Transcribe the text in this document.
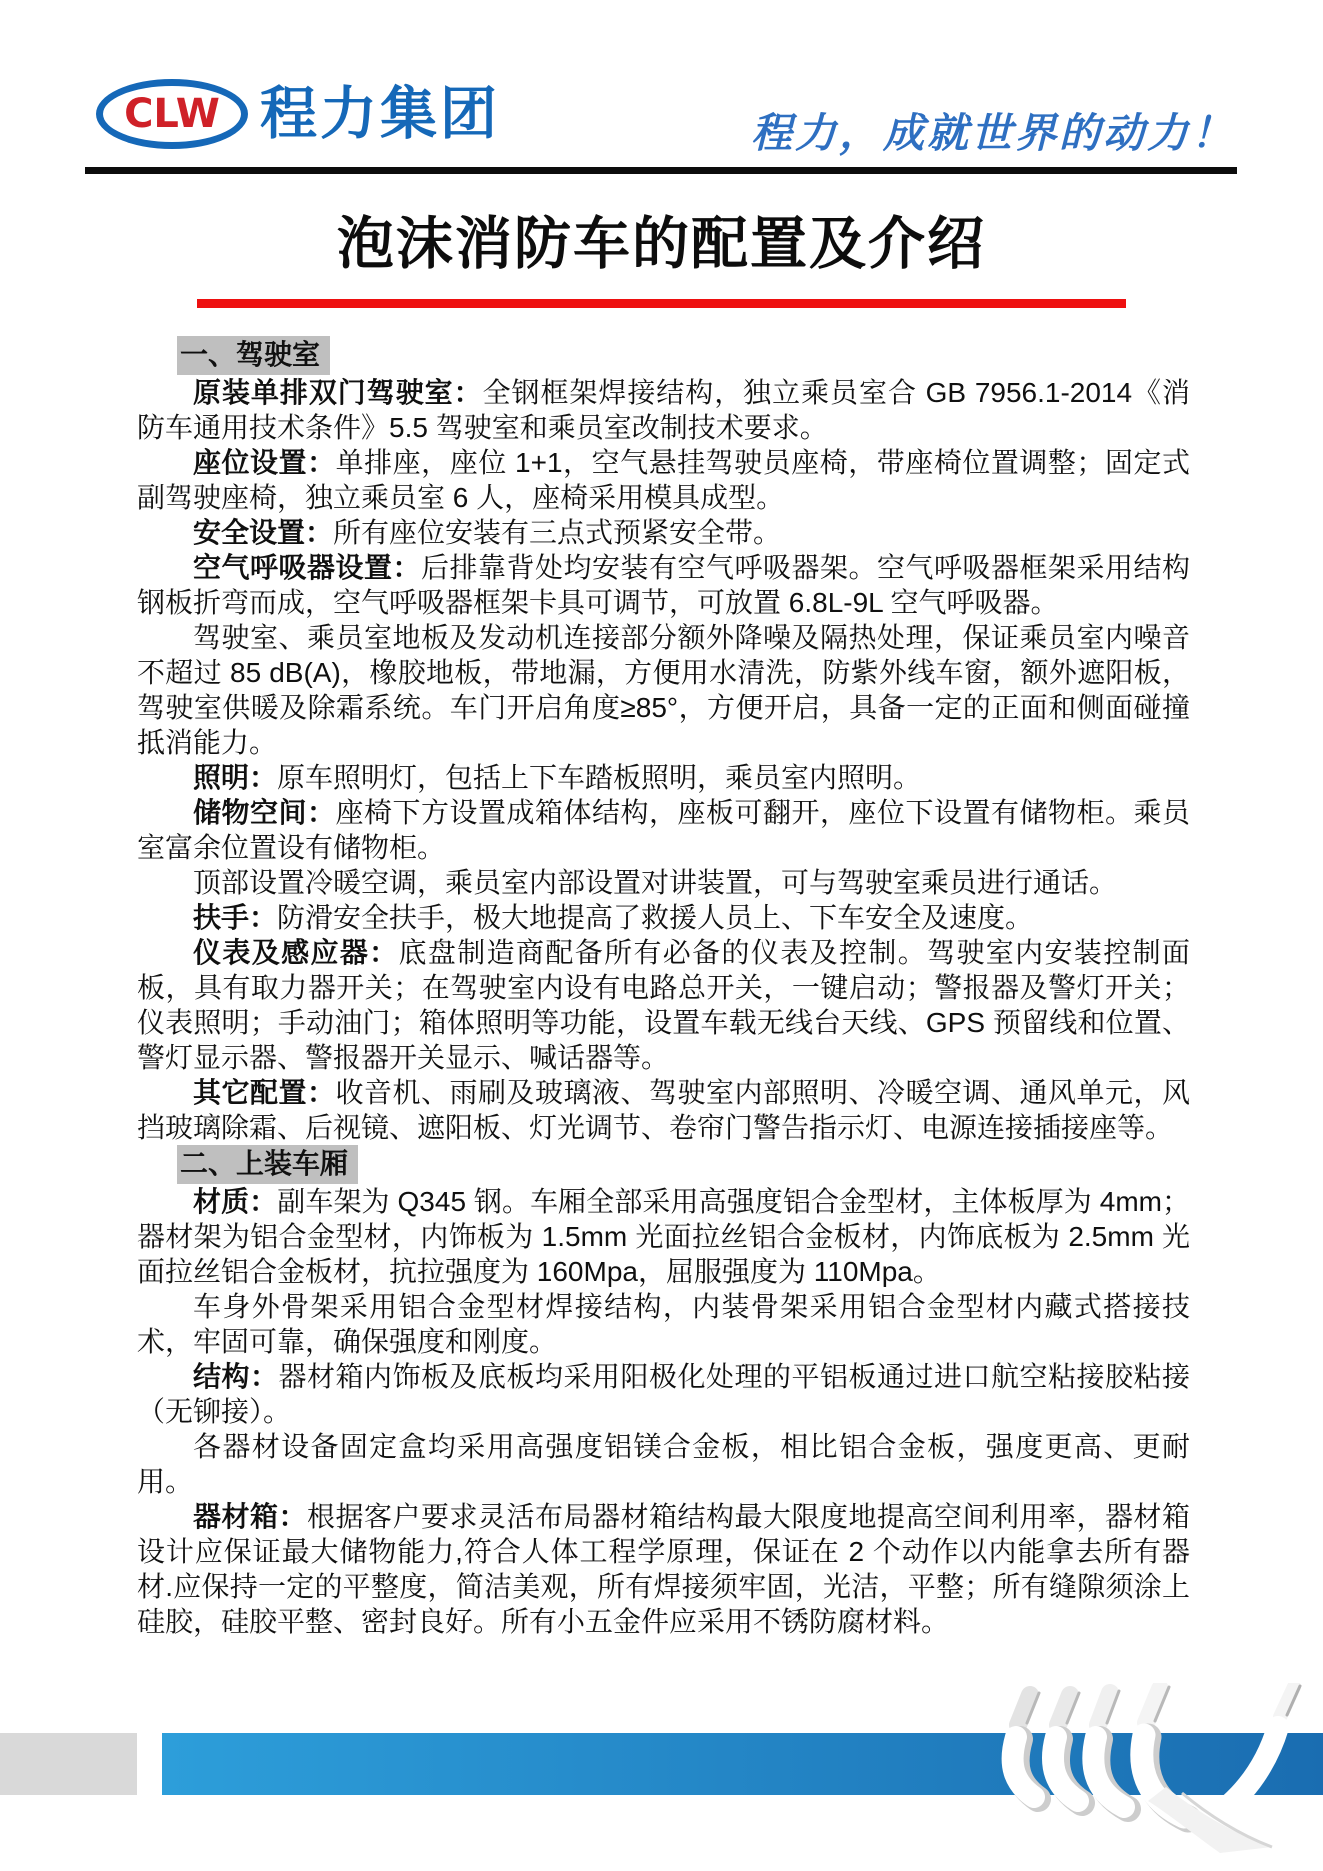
CLW 程力集团	程力，成就世界的动力！
泡沫消防车的配置及介绍
一、驾驶室

原装单排双门驾驶室：全钢框架焊接结构，独立乘员室合 GB 7956.1-2014《消防车通用技术条件》5.5 驾驶室和乘员室改制技术要求。

座位设置：单排座，座位 1+1，空气悬挂驾驶员座椅，带座椅位置调整；固定式副驾驶座椅，独立乘员室 6 人，座椅采用模具成型。

安全设置：所有座位安装有三点式预紧安全带。

空气呼吸器设置：后排靠背处均安装有空气呼吸器架。空气呼吸器框架采用结构钢板折弯而成，空气呼吸器框架卡具可调节，可放置 6.8L-9L 空气呼吸器。

驾驶室、乘员室地板及发动机连接部分额外降噪及隔热处理，保证乘员室内噪音不超过 85 dB(A)，橡胶地板，带地漏，方便用水清洗，防紫外线车窗，额外遮阳板，驾驶室供暖及除霜系统。车门开启角度≥85°，方便开启，具备一定的正面和侧面碰撞抵消能力。

照明：原车照明灯，包括上下车踏板照明，乘员室内照明。

储物空间：座椅下方设置成箱体结构，座板可翻开，座位下设置有储物柜。乘员室富余位置设有储物柜。

顶部设置冷暖空调，乘员室内部设置对讲装置，可与驾驶室乘员进行通话。

扶手：防滑安全扶手，极大地提高了救援人员上、下车安全及速度。

仪表及感应器：底盘制造商配备所有必备的仪表及控制。驾驶室内安装控制面板，具有取力器开关；在驾驶室内设有电路总开关，一键启动；警报器及警灯开关；仪表照明；手动油门；箱体照明等功能，设置车载无线台天线、GPS 预留线和位置、警灯显示器、警报器开关显示、喊话器等。

其它配置：收音机、雨刷及玻璃液、驾驶室内部照明、冷暖空调、通风单元，风挡玻璃除霜、后视镜、遮阳板、灯光调节、卷帘门警告指示灯、电源连接插接座等。

二、上装车厢

材质：副车架为 Q345 钢。车厢全部采用高强度铝合金型材，主体板厚为 4mm；器材架为铝合金型材，内饰板为 1.5mm 光面拉丝铝合金板材，内饰底板为 2.5mm 光面拉丝铝合金板材，抗拉强度为 160Mpa，屈服强度为 110Mpa。

车身外骨架采用铝合金型材焊接结构，内装骨架采用铝合金型材内藏式搭接技术，牢固可靠，确保强度和刚度。

结构：器材箱内饰板及底板均采用阳极化处理的平铝板通过进口航空粘接胶粘接（无铆接）。

各器材设备固定盒均采用高强度铝镁合金板，相比铝合金板，强度更高、更耐用。

器材箱：根据客户要求灵活布局器材箱结构最大限度地提高空间利用率，器材箱设计应保证最大储物能力,符合人体工程学原理，保证在 2 个动作以内能拿去所有器材.应保持一定的平整度，简洁美观，所有焊接须牢固，光洁，平整；所有缝隙须涂上硅胶，硅胶平整、密封良好。所有小五金件应采用不锈防腐材料。
